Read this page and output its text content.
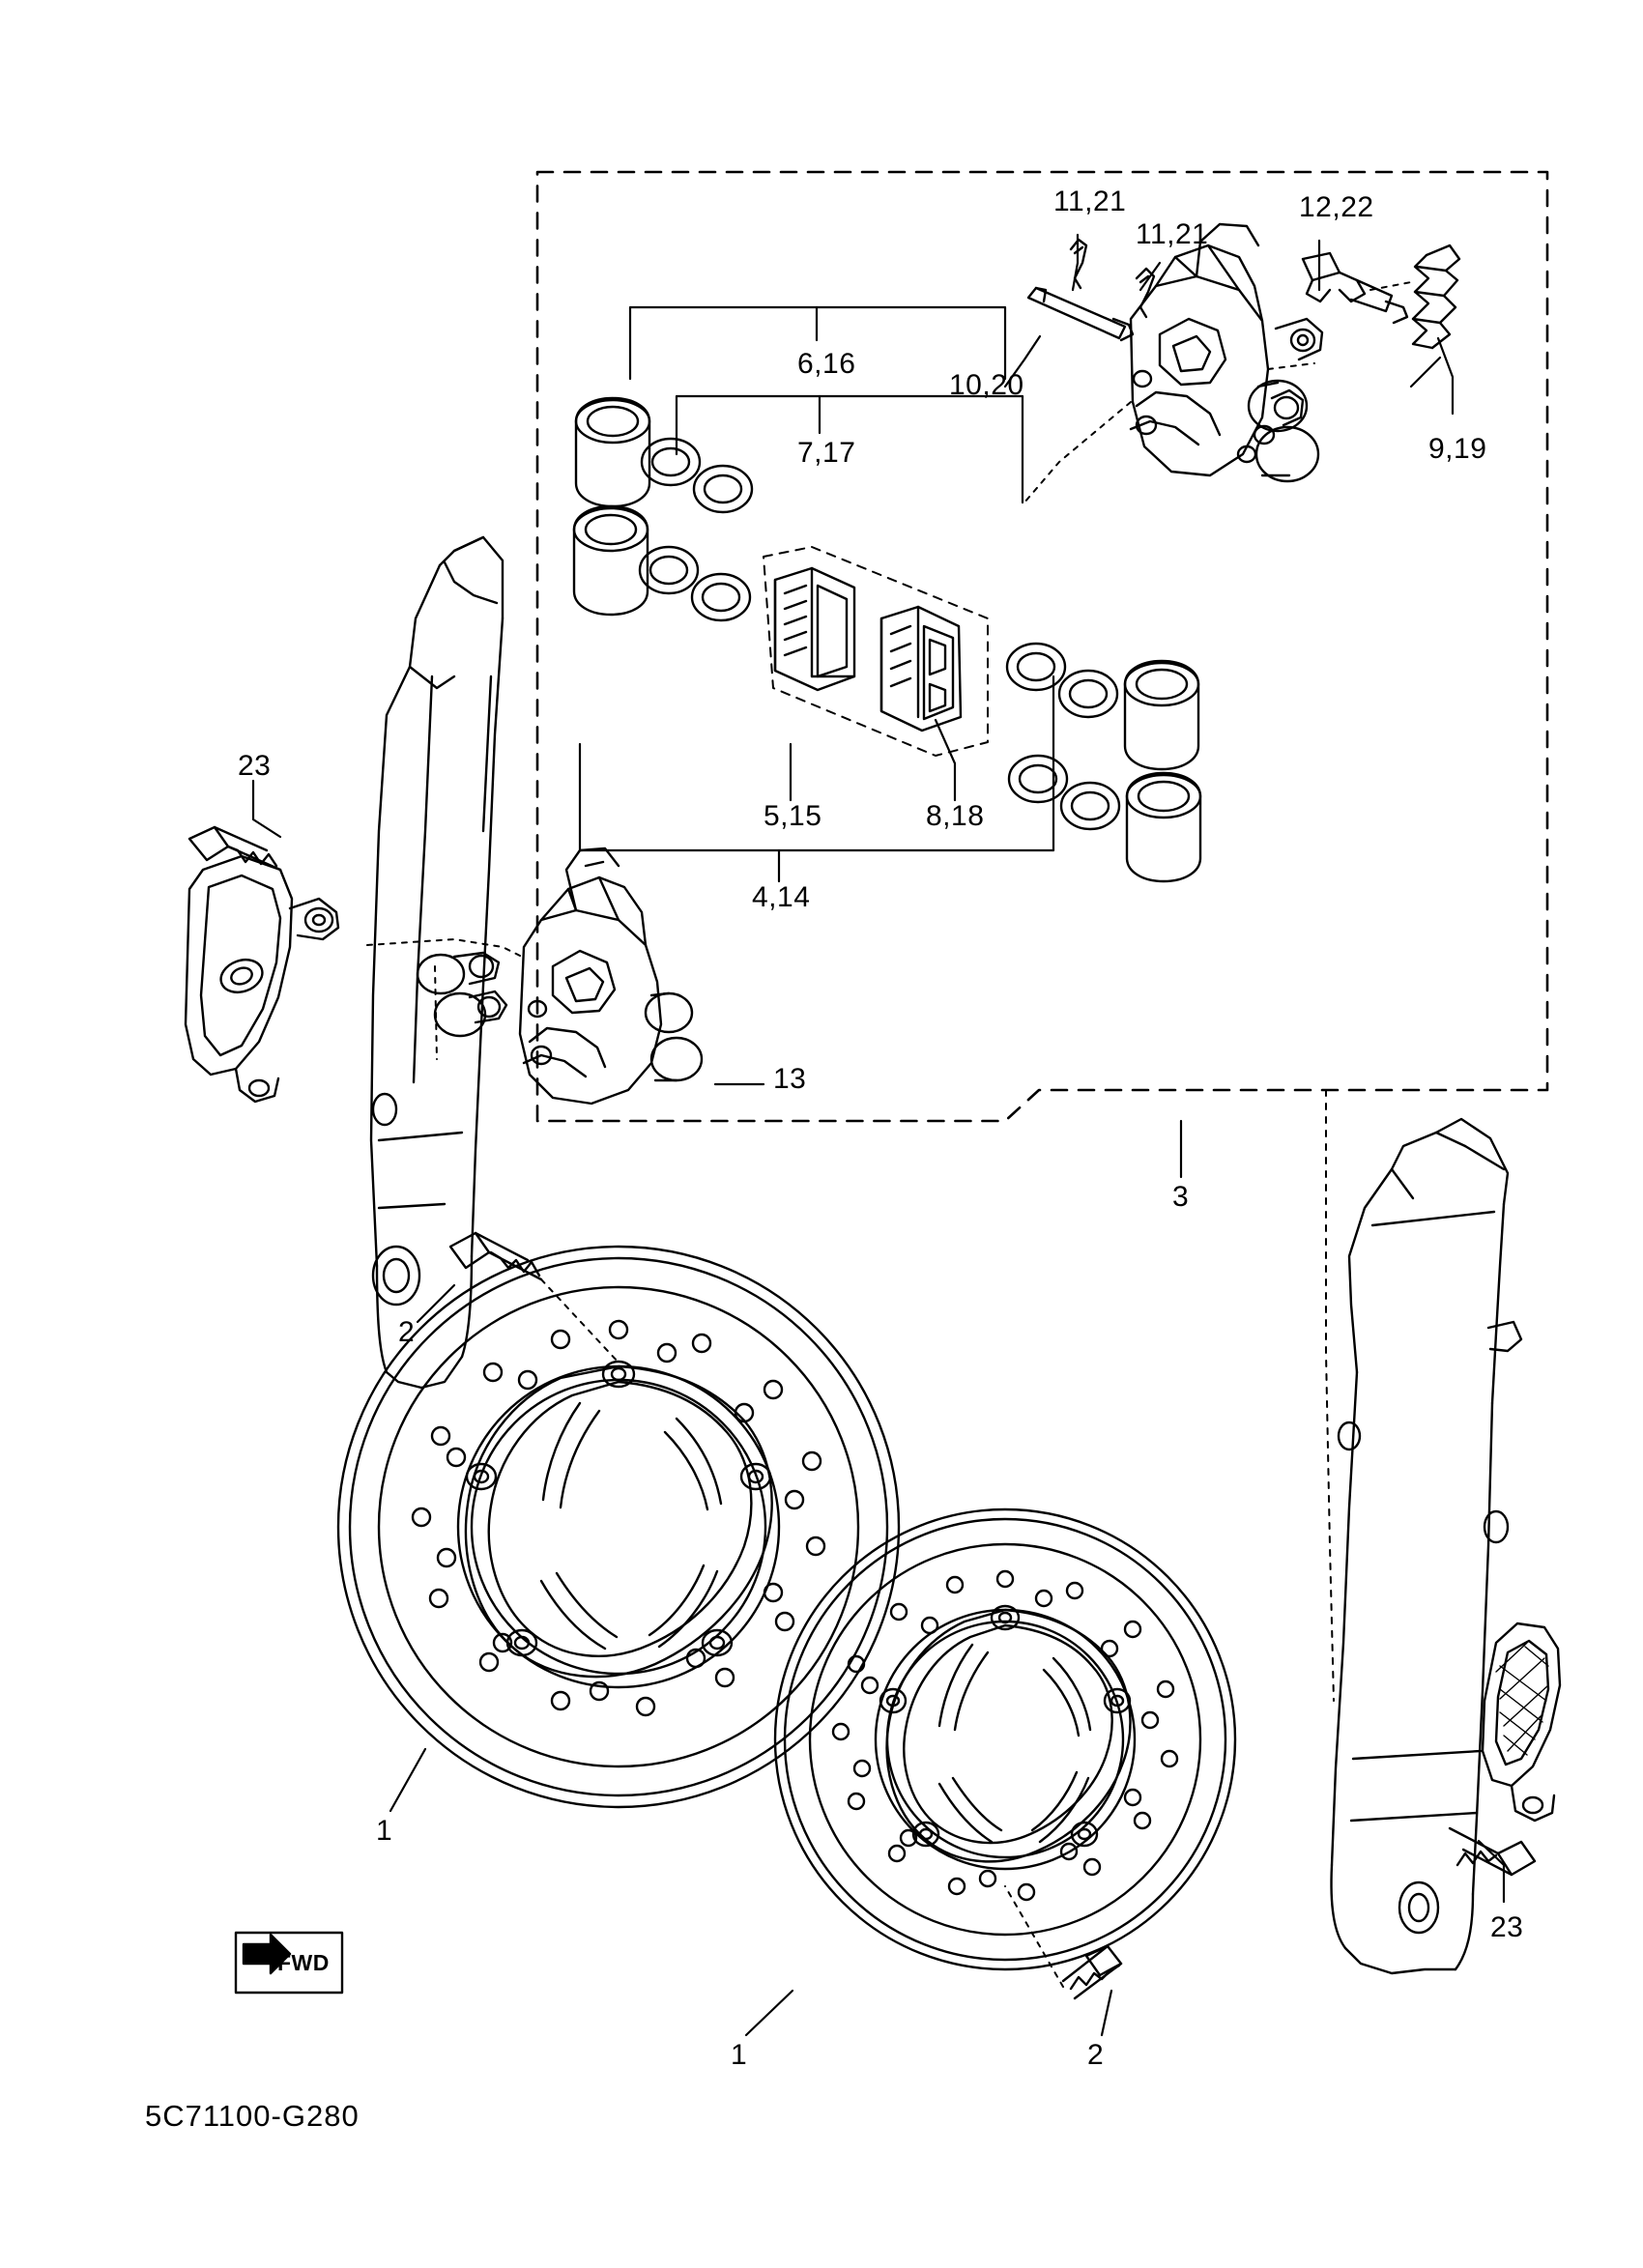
11,21
11,21
12,22
6,16
10,20
7,17	9,19
5,15	8,18
4,14
23
13
3
2
1
23
1	2
FWD
5C71100-G280
